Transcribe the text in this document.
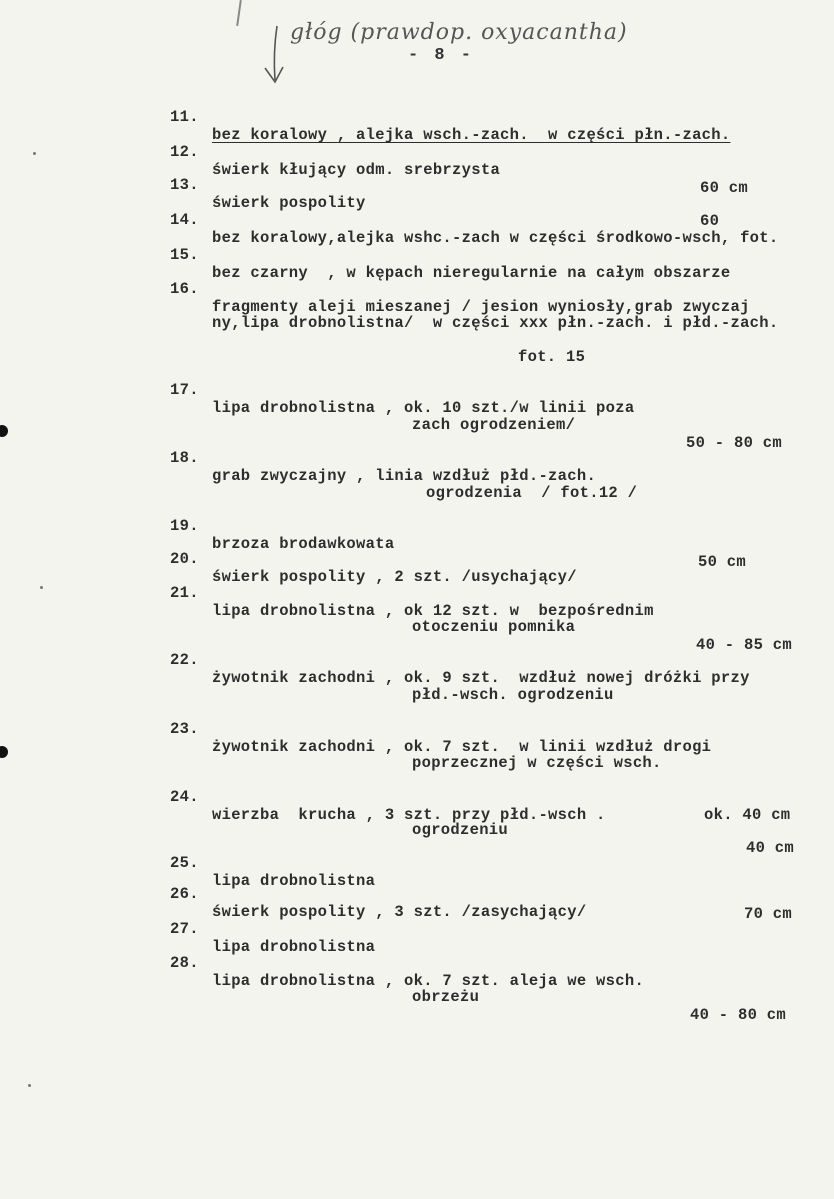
głóg (prawdop. oxyacantha)
- 8 -

11.

bez koralowy , alejka wsch.-zach.  w części płn.-zach.

12.

świerk kłujący odm. srebrzysta

60 cm

13.

świerk pospolity

60

14.

bez koralowy,alejka wshc.-zach w części środkowo-wsch, fot.

15.

bez czarny  , w kępach nieregularnie na całym obszarze

16.

fragmenty aleji mieszanej / jesion wyniosły,grab zwyczaj

ny,lipa drobnolistna/  w części xxx płn.-zach. i płd.-zach.

fot. 15

17.

lipa drobnolistna , ok. 10 szt./w linii poza

zach ogrodzeniem/

50 - 80 cm

18.

grab zwyczajny , linia wzdłuż płd.-zach.

ogrodzenia  / fot.12 /

19.

brzoza brodawkowata

50 cm

20.

świerk pospolity , 2 szt. /usychający/

21.

lipa drobnolistna , ok 12 szt. w  bezpośrednim

otoczeniu pomnika

40 - 85 cm

22.

żywotnik zachodni , ok. 9 szt.  wzdłuż nowej dróżki przy

płd.-wsch. ogrodzeniu

23.

żywotnik zachodni , ok. 7 szt.  w linii wzdłuż drogi

poprzecznej w części wsch.

24.

wierzba  krucha , 3 szt. przy płd.-wsch .

ogrodzeniu

ok. 40 cm

25.

lipa drobnolistna

40 cm

26.

świerk pospolity , 3 szt. /zasychający/

27.

lipa drobnolistna

70 cm

28.

lipa drobnolistna , ok. 7 szt. aleja we wsch.

obrzeżu

40 - 80 cm
